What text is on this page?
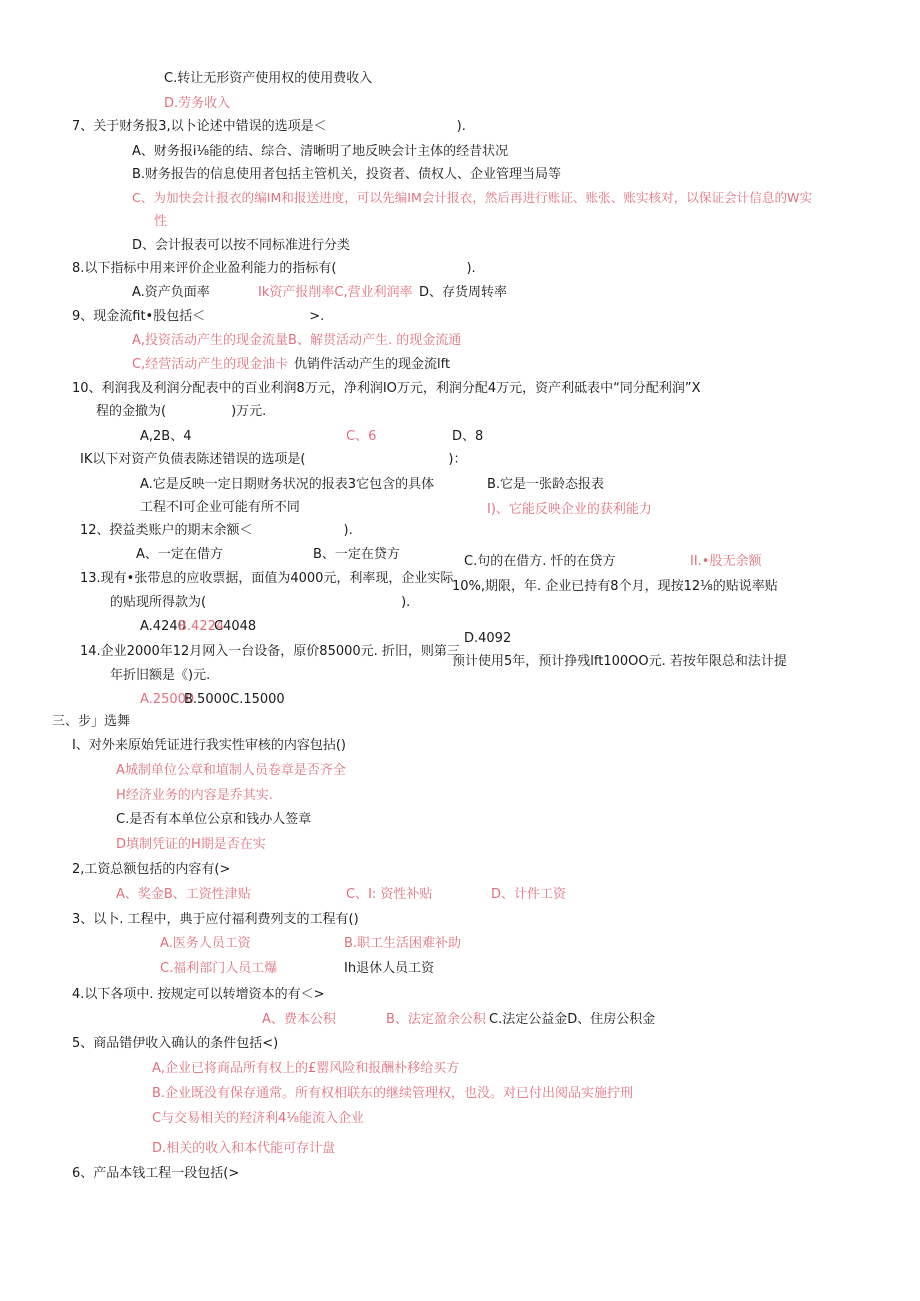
C.转让无形资产使用权的使用费收入
D.劳务收入
7、关于财务报3,以卜论述中错误的选项是＜　　　　　　　　　　).
A、财务报i⅛能的结、综合、清晰明了地反映会计主体的经昔状况
B.财务报告的信息使用者包括主管机关，投资者、债权人、企业管理当局等
C、为加快会计报衣的编IM和报送进度，可以先编IM会计报衣，然后再进行账证、账张、账实核对，以保证会计信息的W实
性
D、会计报表可以按不同标准进行分类
8.以下指标中用来评价企业盈利能力的指标有(　　　　　　　　　　).
A.资产负面率	Ik资产报削率C,营业利润率 D、存货周转率
9、现金流fit•股包括＜　　　　　　　　>.
A,投资活动产生的现金流量B、解贯活动产生. 的现金流通
C,经营活动产生的现金油卡 仇销件活动产生的现金流lft
10、利润我及利润分配表中的百业利润8万元，净利润IO万元，利润分配4万元，资产利砥表中“同分配利润”X
程的金撤为(　　　　　)万元.
A,2B、4	C、6	D、8
IK以下对资产负债表陈述错误的选项是(　　　　　　　　　　　)：
A.它是反映一定日期财务状况的报表3它包含的具体	B.它是一张龄态报表
工程不I可企业可能有所不同	I)、它能反映企业的获利能力
12、揆益类账户的期末余额＜　　　　　　　).
A、一定在借方	B、一定在贷方	C.句的在借方. 忏的在贷方	II.•股无余额
13.现有•张带息的应收票据，面值为4000元，利率现，企业实际
10%,期限，年. 企业已持有8个月，现按12⅛的贴说率贴
的贴现所得款为(　　　　　　　　　　　　　　　).
A.4240
B.4224
C4048
D.4092
14.企业2000年12月网入一台设备，原价85000元. 折旧，则第三
预计使用5年，预计挣残lft100OO元. 若按年限总和法计提
年折旧额是《)元.
A.25000
B.5000C.15000
三、步」选舞
I、对外来原始凭证进行我实性审核的内容包拈()
A城制单位公章和埴制人员卷章是否齐全
H经济业务的内容是乔其实.
C.是否有本单位公京和钱办人签章
D填制凭证的H期是否在实
2,工资总额包括的内容有(>
A、奖金B、工资性津贴	C、I: 资性补贴	D、计件工资
3、以卜. 工程中，典于应付福利费列支的工程有()
A.医务人员工资	B.职工生活困难补助
C.福利部门人员工爆	Ih退休人员工资
4.以下各项中. 按规定可以转增资本的有＜>
A、费本公积	B、法定盈余公积 C.法定公益金D、住房公积金
5、商品错伊收入确认的条件包括<)
A,企业已将商品所有权上的£罂风险和报酬朴移给买方
B.企业既没有保存通常。所有权相联东的继续管理权，也没。对已付出阅品实施拧刑
C与交易相关的羟济利4⅛能流入企业
D.相关的收入和本代能可存计盘
6、产品本钱工程一段包括(>
